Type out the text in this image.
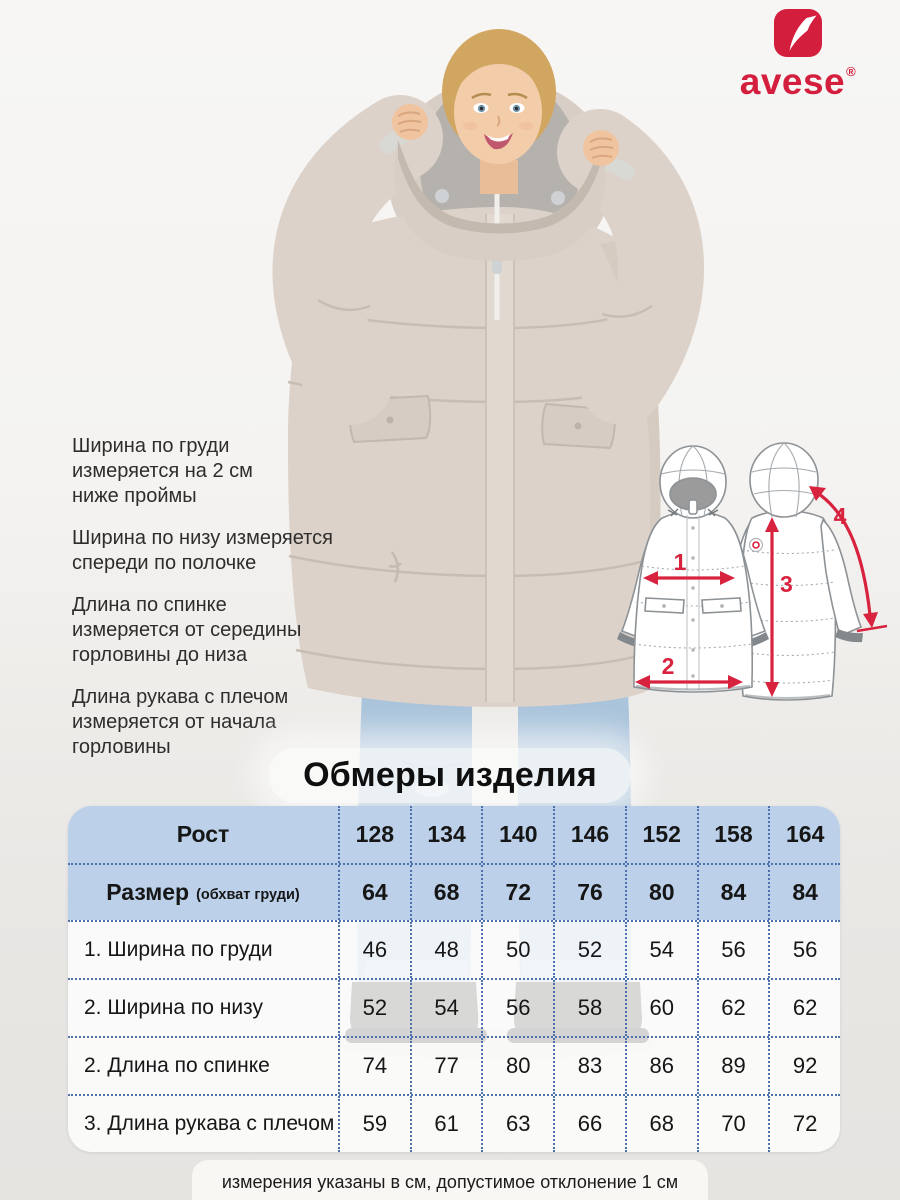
avese®
Ширина по груди
измеряется на 2 см
ниже проймы
Ширина по низу измеряется
спереди по полочке
Длина по спинке
измеряется от середины
горловины до низа
Длина рукава с плечом
измеряется от начала
горловины
1
2
3
4
Обмеры изделия
Рост	128	134	140	146	152	158	164
Размер (обхват груди)	64	68	72	76	80	84	84
1. Ширина по груди	46	48	50	52	54	56	56
2. Ширина по низу	52	54	56	58	60	62	62
2. Длина по спинке	74	77	80	83	86	89	92
3. Длина рукава с плечом	59	61	63	66	68	70	72
измерения указаны в см, допустимое отклонение 1 см
